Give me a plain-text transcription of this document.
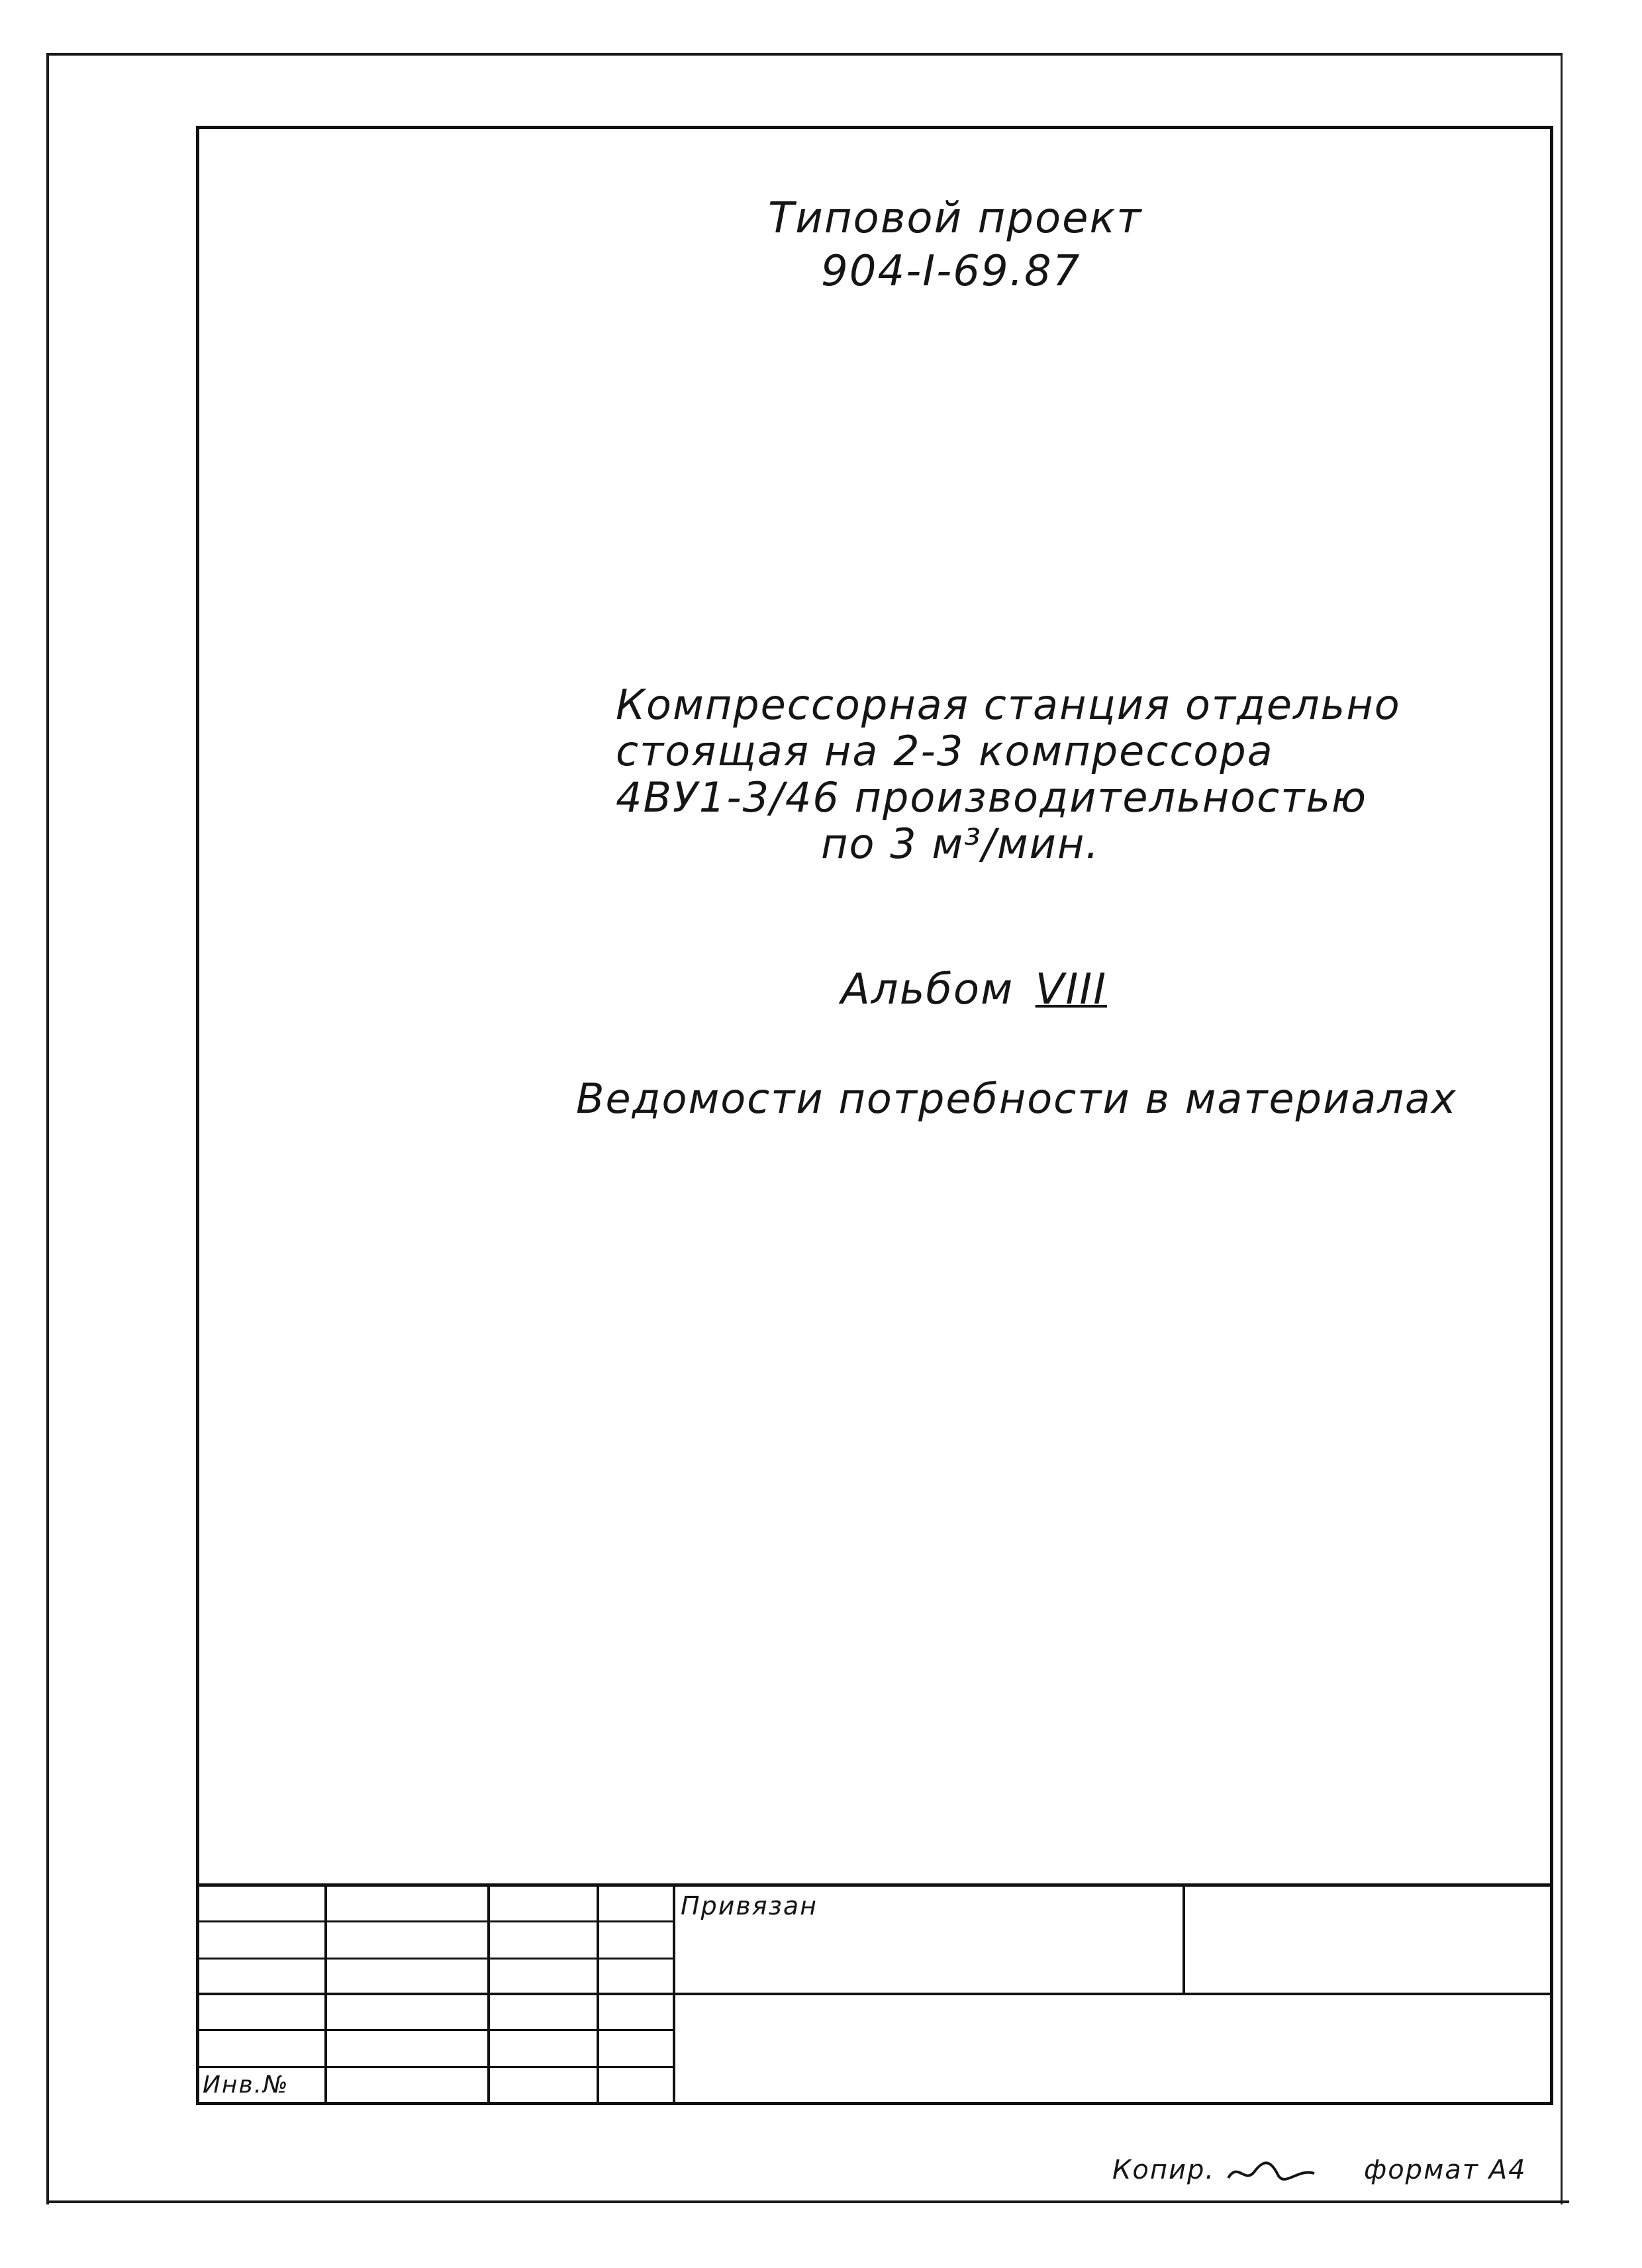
Типовой проект
904-I-69.87
Компрессорная станция отдельно
стоящая на 2-3 компрессора
4ВУ1-3/46 производительностью
по 3 м³/мин.
Альбом VIII
Ведомости потребности в материалах
Привязан
Инв.№
Копир.	формат А4
